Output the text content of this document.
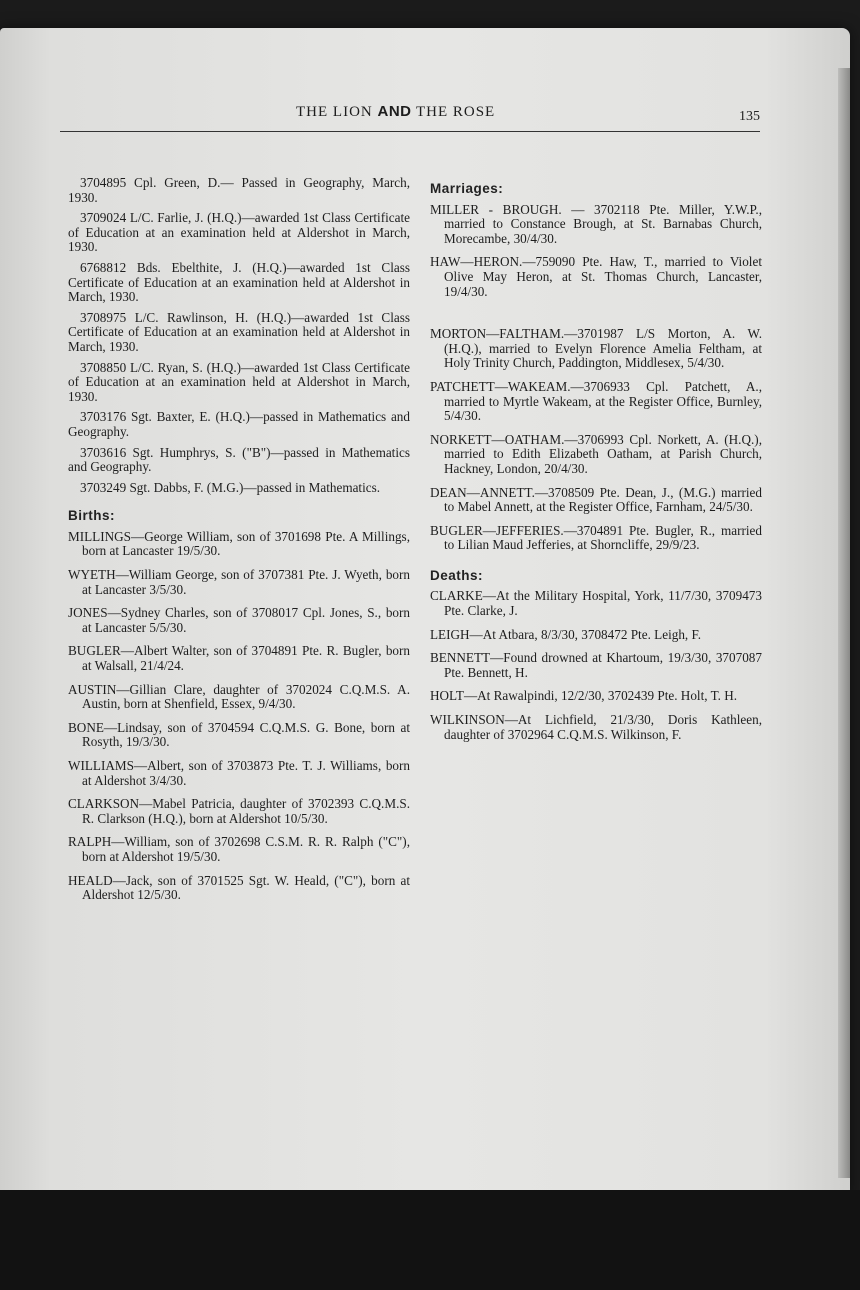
THE LION AND THE ROSE	135

3704895 Cpl. Green, D.— Passed in Geography, March, 1930.

3709024 L/C. Farlie, J. (H.Q.)—awarded 1st Class Certificate of Education at an examination held at Aldershot in March, 1930.

6768812 Bds. Ebelthite, J. (H.Q.)—awarded 1st Class Certificate of Education at an examination held at Aldershot in March, 1930.

3708975 L/C. Rawlinson, H. (H.Q.)—awarded 1st Class Certificate of Education at an examination held at Aldershot in March, 1930.

3708850 L/C. Ryan, S. (H.Q.)—awarded 1st Class Certificate of Education at an examination held at Aldershot in March, 1930.

3703176 Sgt. Baxter, E. (H.Q.)—passed in Mathematics and Geography.

3703616 Sgt. Humphrys, S. ("B")—passed in Mathematics and Geography.

3703249 Sgt. Dabbs, F. (M.G.)—passed in Mathematics.

Births:

MILLINGS—George William, son of 3701698 Pte. A Millings, born at Lancaster 19/5/30.

WYETH—William George, son of 3707381 Pte. J. Wyeth, born at Lancaster 3/5/30.

JONES—Sydney Charles, son of 3708017 Cpl. Jones, S., born at Lancaster 5/5/30.

BUGLER—Albert Walter, son of 3704891 Pte. R. Bugler, born at Walsall, 21/4/24.

AUSTIN—Gillian Clare, daughter of 3702024 C.Q.M.S. A. Austin, born at Shenfield, Essex, 9/4/30.

BONE—Lindsay, son of 3704594 C.Q.M.S. G. Bone, born at Rosyth, 19/3/30.

WILLIAMS—Albert, son of 3703873 Pte. T. J. Williams, born at Aldershot 3/4/30.

CLARKSON—Mabel Patricia, daughter of 3702393 C.Q.M.S. R. Clarkson (H.Q.), born at Aldershot 10/5/30.

RALPH—William, son of 3702698 C.S.M. R. R. Ralph ("C"), born at Aldershot 19/5/30.

HEALD—Jack, son of 3701525 Sgt. W. Heald, ("C"), born at Aldershot 12/5/30.

Marriages:

MILLER - BROUGH. — 3702118 Pte. Miller, Y.W.P., married to Constance Brough, at St. Barnabas Church, Morecambe, 30/4/30.

HAW—HERON.—759090 Pte. Haw, T., married to Violet Olive May Heron, at St. Thomas Church, Lancaster, 19/4/30.

MORTON—FALTHAM.—3701987 L/S Morton, A. W. (H.Q.), married to Evelyn Florence Amelia Feltham, at Holy Trinity Church, Paddington, Middlesex, 5/4/30.

PATCHETT—WAKEAM.—3706933 Cpl. Patchett, A., married to Myrtle Wakeam, at the Register Office, Burnley, 5/4/30.

NORKETT—OATHAM.—3706993 Cpl. Norkett, A. (H.Q.), married to Edith Elizabeth Oatham, at Parish Church, Hackney, London, 20/4/30.

DEAN—ANNETT.—3708509 Pte. Dean, J., (M.G.) married to Mabel Annett, at the Register Office, Farnham, 24/5/30.

BUGLER—JEFFERIES.—3704891 Pte. Bugler, R., married to Lilian Maud Jefferies, at Shorncliffe, 29/9/23.

Deaths:

CLARKE—At the Military Hospital, York, 11/7/30, 3709473 Pte. Clarke, J.

LEIGH—At Atbara, 8/3/30, 3708472 Pte. Leigh, F.

BENNETT—Found drowned at Khartoum, 19/3/30, 3707087 Pte. Bennett, H.

HOLT—At Rawalpindi, 12/2/30, 3702439 Pte. Holt, T. H.

WILKINSON—At Lichfield, 21/3/30, Doris Kathleen, daughter of 3702964 C.Q.M.S. Wilkinson, F.
